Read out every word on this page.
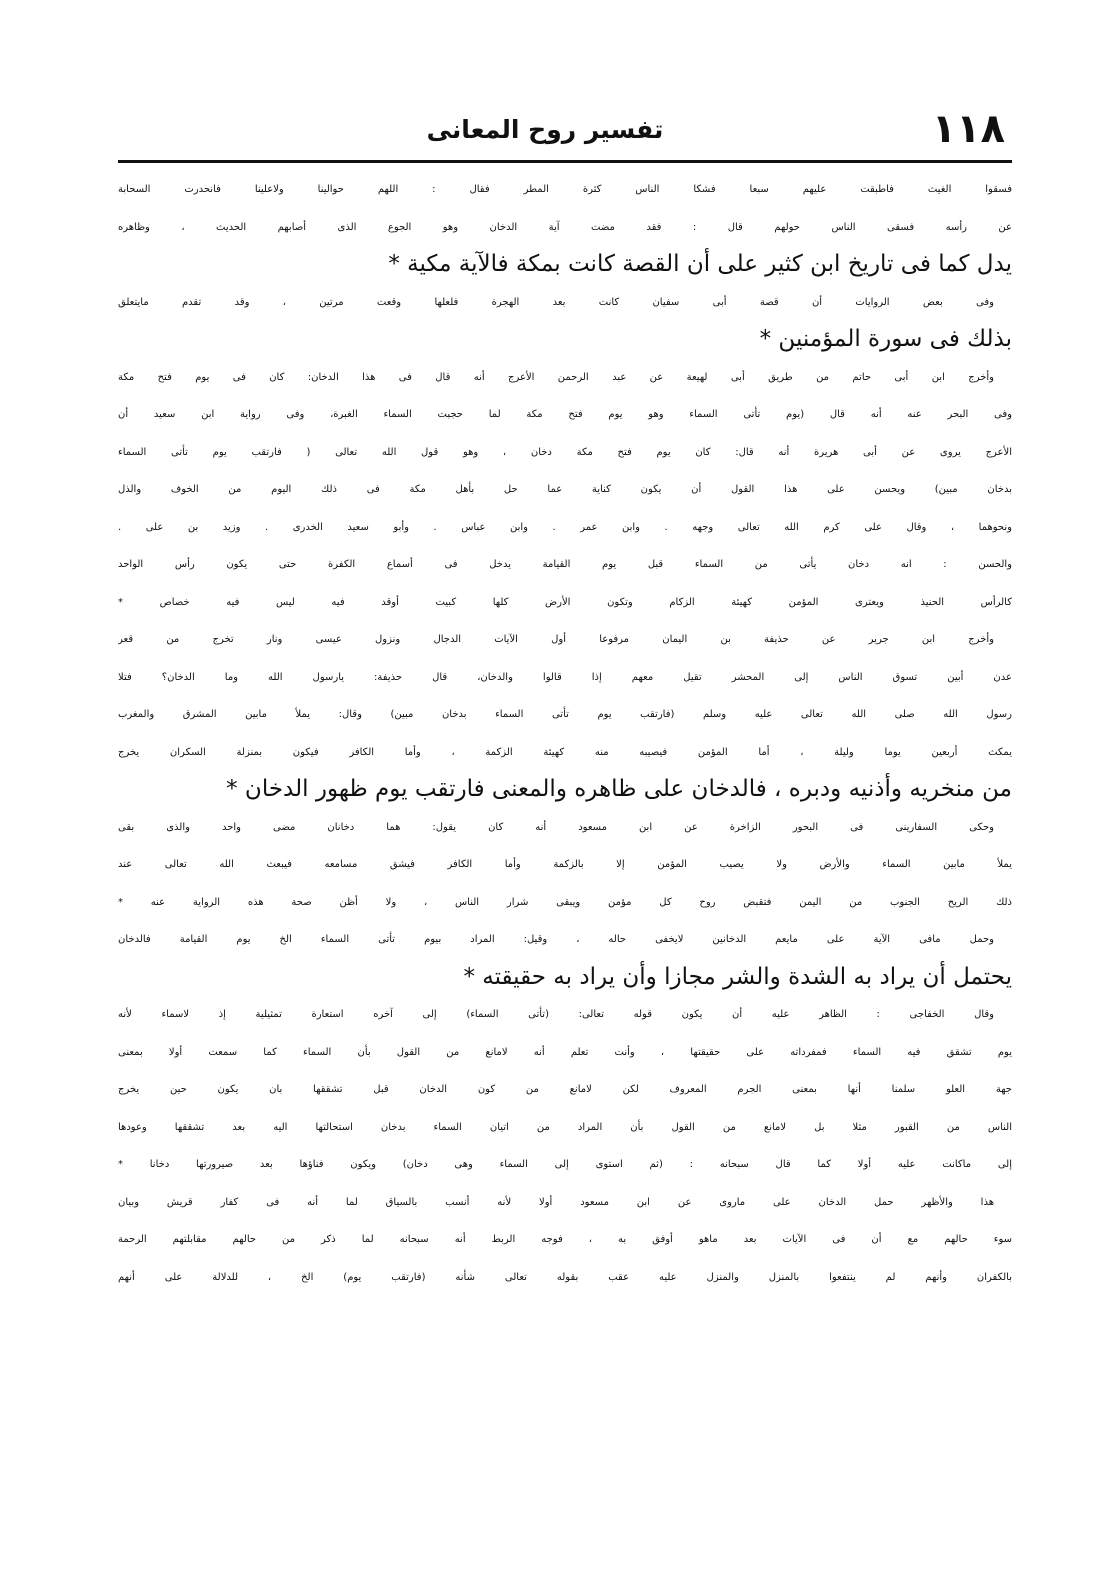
١١٨
تفسير روح المعانى
فسقوا الغيث فاطبقت عليهم سبعا فشكا الناس كثرة المطر فقال : اللهم حوالينا ولاعلينا فانحدرت السحابة
عن رأسه فسقى الناس حولهم قال : فقد مضت آية الدخان وهو الجوع الذى أصابهم الحديث ، وظاهره
يدل كما فى تاريخ ابن كثير على أن القصة كانت بمكة فالآية مكية *
وفى بعض الروايات أن قصة أبى سفيان كانت بعد الهجرة فلعلها وقعت مرتين ، وقد تقدم مايتعلق
بذلك فى سورة المؤمنين *
وأخرج ابن أبى حاتم من طريق أبى لهيعة عن عبد الرحمن الأعرج أنه قال فى هذا الدخان: كان فى يوم فتح مكة
وفى البحر عنه أنه قال (يوم تأتى السماء وهو يوم فتح مكة لما حجبت السماء الغبرة، وفى رواية ابن سعيد أن
الأعرج يروى عن أبى هريرة أنه قال: كان يوم فتح مكة دخان ، وهو قول الله تعالى ( فارتقب يوم تأتى السماء
بدخان مبين) ويحسن على هذا القول أن يكون كناية عما حل بأهل مكة فى ذلك اليوم من الخوف والذل
ونحوهما ، وقال على كرم الله تعالى وجهه . وابن عمر . وابن عباس . وأبو سعيد الخدرى . وزيد بن على .
والحسن : انه دخان يأتى من السماء قبل يوم القيامة يدخل فى أسماع الكفرة حتى يكون رأس الواحد
كالرأس الحنيذ ويعترى المؤمن كهيئة الزكام وتكون الأرض كلها كبيت أوقد فيه ليس فيه خصاص *
وأخرج ابن جرير عن حذيفة بن اليمان مرفوعا أول الآيات الدجال ونزول عيسى ونار تخرج من قعر
عدن أبين تسوق الناس إلى المحشر تقيل معهم إذا قالوا والدخان، قال حذيفة: يارسول الله وما الدخان؟ فتلا
رسول الله صلى الله تعالى عليه وسلم (فارتقب يوم تأتى السماء بدخان مبين) وقال: يملأ مابين المشرق والمغرب
يمكث أربعين يوما وليلة ، أما المؤمن فيصيبه منه كهيئة الزكمة ، وأما الكافر فيكون بمنزلة السكران يخرج
من منخريه وأذنيه ودبره ، فالدخان على ظاهره والمعنى فارتقب يوم ظهور الدخان *
وحكى السفارينى فى البحور الزاخرة عن ابن مسعود أنه كان يقول: هما دخانان مضى واحد والذى بقى
يملأ مابين السماء والأرض ولا يصيب المؤمن إلا بالزكمة وأما الكافر فيشق مسامعه فيبعث الله تعالى عند
ذلك الريح الجنوب من اليمن فتقبض روح كل مؤمن ويبقى شرار الناس ، ولا أظن صحة هذه الرواية عنه *
وحمل مافى الآية على مايعم الدخانين لايخفى حاله ، وقيل: المراد بيوم تأتى السماء الخ يوم القيامة فالدخان
يحتمل أن يراد به الشدة والشر مجازا وأن يراد به حقيقته *
وقال الخفاجى : الظاهر عليه أن يكون قوله تعالى: (تأتى السماء) إلى آخره استعارة تمثيلية إذ لاسماء لأنه
يوم تشقق فيه السماء فمفرداته على حقيقتها ، وأنت تعلم أنه لامانع من القول بأن السماء كما سمعت أولا بمعنى
جهة العلو سلمنا أنها بمعنى الجرم المعروف لكن لامانع من كون الدخان قبل تشققها بان يكون حين يخرج
الناس من القبور مثلا بل لامانع من القول بأن المراد من اتيان السماء بدخان استحالتها اليه بعد تشققها وعودها
إلى ماكانت عليه أولا كما قال سبحانه : (ثم استوى إلى السماء وهى دخان) ويكون فناؤها بعد صيرورتها دخانا *
هذا والأظهر حمل الدخان على ماروى عن ابن مسعود أولا لأنه أنسب بالسياق لما أنه فى كفار قريش وبيان
سوء حالهم مع أن فى الآيات بعد ماهو أوفق به ، فوجه الربط أنه سبحانه لما ذكر من حالهم مقابلتهم الرحمة
بالكفران وأنهم لم ينتفعوا بالمنزل والمنزل عليه عقب بقوله تعالى شأنه (فارتقب يوم) الخ ، للدلالة على أنهم
